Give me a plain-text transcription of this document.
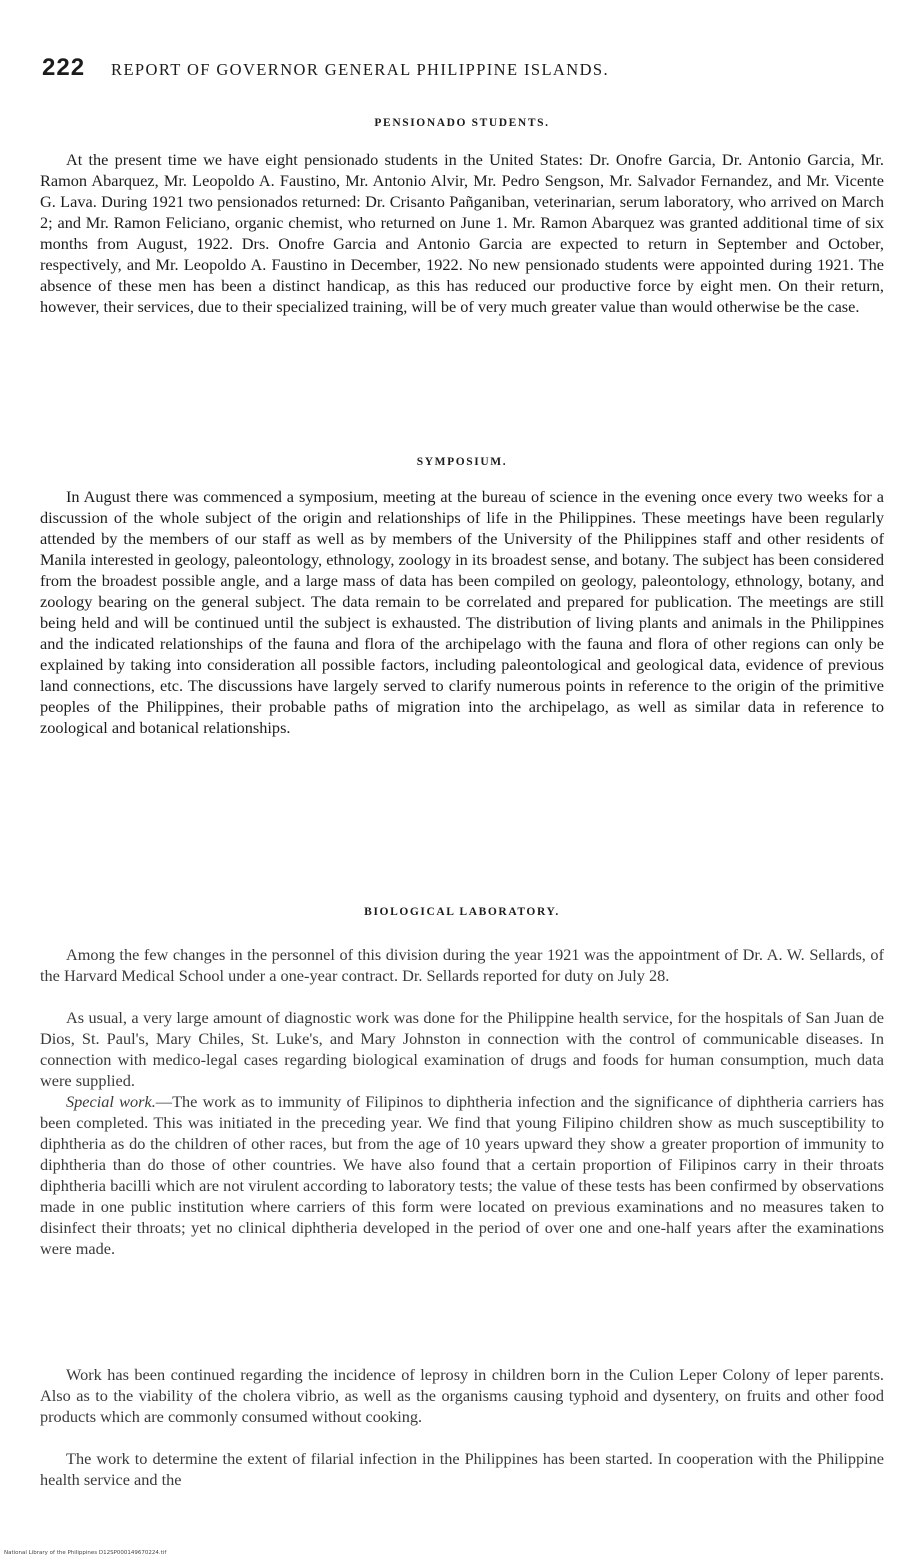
222 REPORT OF GOVERNOR GENERAL PHILIPPINE ISLANDS.
PENSIONADO STUDENTS.

At the present time we have eight pensionado students in the United States: Dr. Onofre Garcia, Dr. Antonio Garcia, Mr. Ramon Abarquez, Mr. Leopoldo A. Faustino, Mr. Antonio Alvir, Mr. Pedro Sengson, Mr. Salvador Fernandez, and Mr. Vicente G. Lava. During 1921 two pensionados returned: Dr. Crisanto Pañganiban, veterinarian, serum laboratory, who arrived on March 2; and Mr. Ramon Feliciano, organic chemist, who returned on June 1. Mr. Ramon Abarquez was granted additional time of six months from August, 1922. Drs. Onofre Garcia and Antonio Garcia are expected to return in September and October, respectively, and Mr. Leopoldo A. Faustino in December, 1922. No new pensionado students were appointed during 1921. The absence of these men has been a distinct handicap, as this has reduced our productive force by eight men. On their return, however, their services, due to their specialized training, will be of very much greater value than would otherwise be the case.

SYMPOSIUM.

In August there was commenced a symposium, meeting at the bureau of science in the evening once every two weeks for a discussion of the whole subject of the origin and relationships of life in the Philippines. These meetings have been regularly attended by the members of our staff as well as by members of the University of the Philippines staff and other residents of Manila interested in geology, paleontology, ethnology, zoology in its broadest sense, and botany. The subject has been considered from the broadest possible angle, and a large mass of data has been compiled on geology, paleontology, ethnology, botany, and zoology bearing on the general subject. The data remain to be correlated and prepared for publication. The meetings are still being held and will be continued until the subject is exhausted. The distribution of living plants and animals in the Philippines and the indicated relationships of the fauna and flora of the archipelago with the fauna and flora of other regions can only be explained by taking into consideration all possible factors, including paleontological and geological data, evidence of previous land connections, etc. The discussions have largely served to clarify numerous points in reference to the origin of the primitive peoples of the Philippines, their probable paths of migration into the archipelago, as well as similar data in reference to zoological and botanical relationships.

BIOLOGICAL LABORATORY.

Among the few changes in the personnel of this division during the year 1921 was the appointment of Dr. A. W. Sellards, of the Harvard Medical School under a one-year contract. Dr. Sellards reported for duty on July 28.

As usual, a very large amount of diagnostic work was done for the Philippine health service, for the hospitals of San Juan de Dios, St. Paul's, Mary Chiles, St. Luke's, and Mary Johnston in connection with the control of communicable diseases. In connection with medico-legal cases regarding biological examination of drugs and foods for human consumption, much data were supplied.

Special work.—The work as to immunity of Filipinos to diphtheria infection and the significance of diphtheria carriers has been completed. This was initiated in the preceding year. We find that young Filipino children show as much susceptibility to diphtheria as do the children of other races, but from the age of 10 years upward they show a greater proportion of immunity to diphtheria than do those of other countries. We have also found that a certain proportion of Filipinos carry in their throats diphtheria bacilli which are not virulent according to laboratory tests; the value of these tests has been confirmed by observations made in one public institution where carriers of this form were located on previous examinations and no measures taken to disinfect their throats; yet no clinical diphtheria developed in the period of over one and one-half years after the examinations were made.

Work has been continued regarding the incidence of leprosy in children born in the Culion Leper Colony of leper parents. Also as to the viability of the cholera vibrio, as well as the organisms causing typhoid and dysentery, on fruits and other food products which are commonly consumed without cooking.

The work to determine the extent of filarial infection in the Philippines has been started. In cooperation with the Philippine health service and the

National Library of the Philippines D12SP000149670224.tif
